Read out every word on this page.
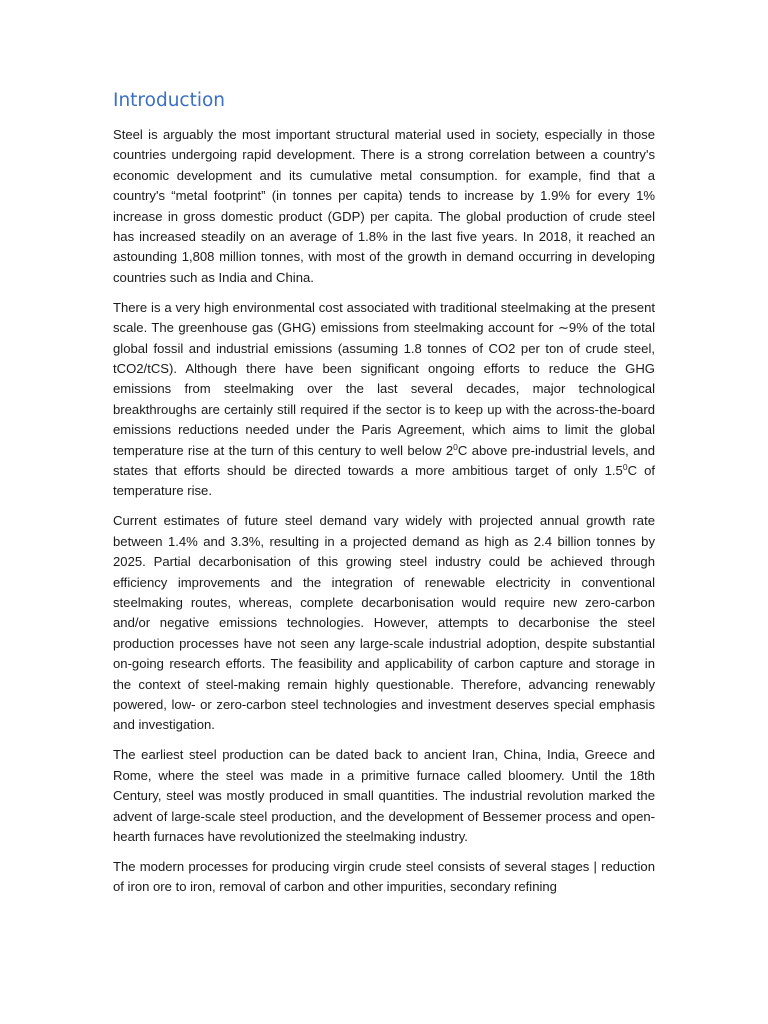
Introduction

Steel is arguably the most important structural material used in society, especially in those countries undergoing rapid development. There is a strong correlation between a country's economic development and its cumulative metal consumption. for example, find that a country's “metal footprint” (in tonnes per capita) tends to increase by 1.9% for every 1% increase in gross domestic product (GDP) per capita. The global production of crude steel has increased steadily on an average of 1.8% in the last five years. In 2018, it reached an astounding 1,808 million tonnes, with most of the growth in demand occurring in developing countries such as India and China.

There is a very high environmental cost associated with traditional steelmaking at the present scale. The greenhouse gas (GHG) emissions from steelmaking account for ∼9% of the total global fossil and industrial emissions (assuming 1.8 tonnes of CO2 per ton of crude steel, tCO2/tCS). Although there have been significant ongoing efforts to reduce the GHG emissions from steelmaking over the last several decades, major technological breakthroughs are certainly still required if the sector is to keep up with the across-the-board emissions reductions needed under the Paris Agreement, which aims to limit the global temperature rise at the turn of this century to well below $2^0C$ above pre-industrial levels, and states that efforts should be directed towards a more ambitious target of only $1.5^0C$ of temperature rise.

Current estimates of future steel demand vary widely with projected annual growth rate between 1.4% and 3.3%, resulting in a projected demand as high as 2.4 billion tonnes by 2025. Partial decarbonisation of this growing steel industry could be achieved through efficiency improvements and the integration of renewable electricity in conventional steelmaking routes, whereas, complete decarbonisation would require new zero-carbon and/or negative emissions technologies. However, attempts to decarbonise the steel production processes have not seen any large-scale industrial adoption, despite substantial on-going research efforts. The feasibility and applicability of carbon capture and storage in the context of steel-making remain highly questionable. Therefore, advancing renewably powered, low- or zero-carbon steel technologies and investment deserves special emphasis and investigation.

The earliest steel production can be dated back to ancient Iran, China, India, Greece and Rome, where the steel was made in a primitive furnace called bloomery. Until the 18th Century, steel was mostly produced in small quantities. The industrial revolution marked the advent of large-scale steel production, and the development of Bessemer process and open-hearth furnaces have revolutionized the steelmaking industry.

The modern processes for producing virgin crude steel consists of several stages | reduction of iron ore to iron, removal of carbon and other impurities, secondary refining
